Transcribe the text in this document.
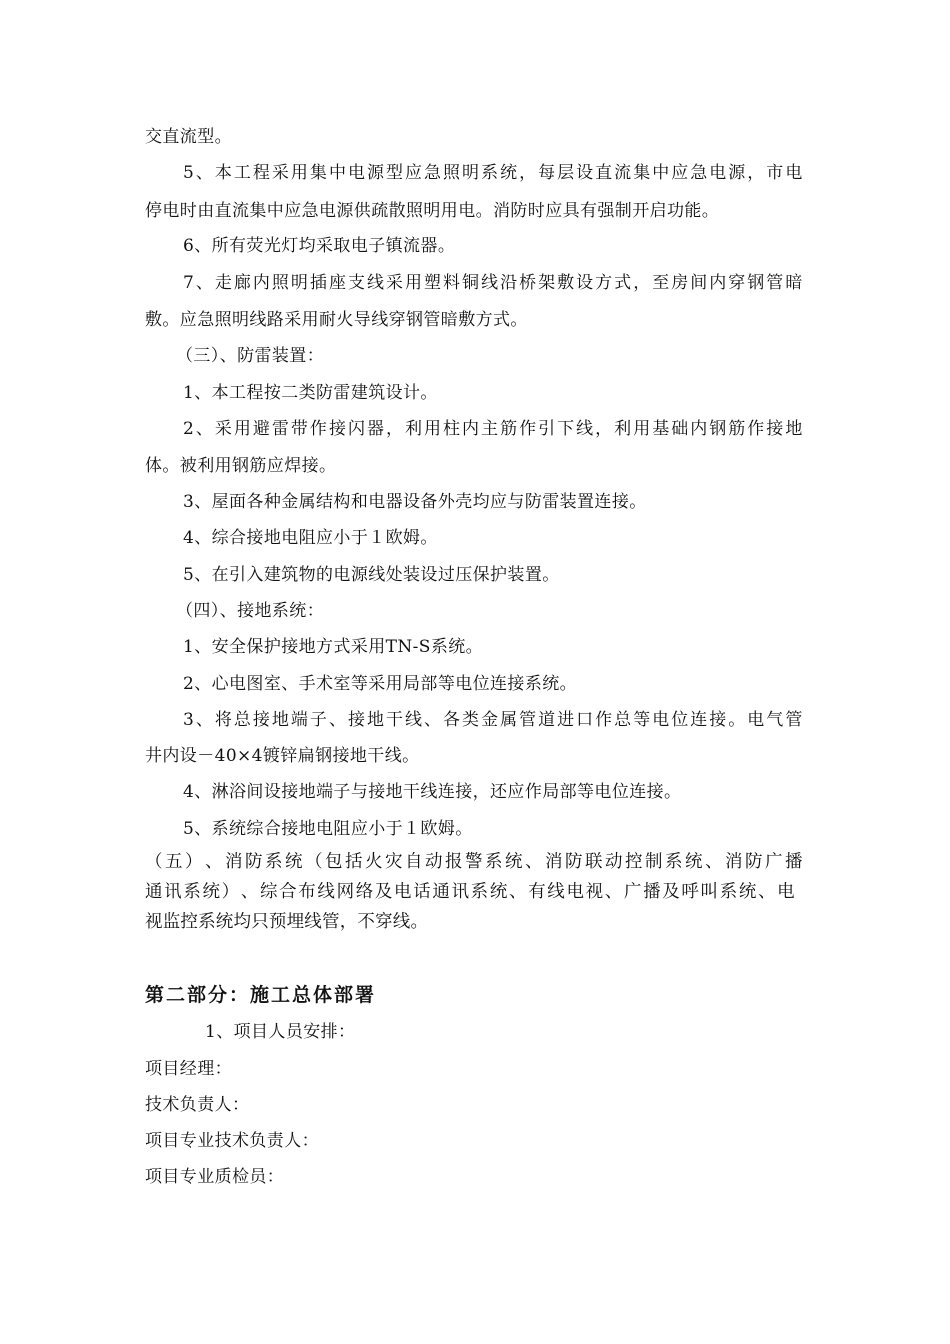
交直流型。
5 、 本 工 程 采 用 集 中 电 源 型 应 急 照 明 系 统 ， 每 层 设 直 流 集 中 应 急 电 源 ， 市 电
停电时由直流集中应急电源供疏散照明用电。消防时应具有强制开启功能。
6、所有荧光灯均采取电子镇流器。
7 、 走 廊 内 照 明 插 座 支 线 采 用 塑 料 铜 线 沿 桥 架 敷 设 方 式 ， 至 房 间 内 穿 钢 管 暗
敷。应急照明线路采用耐火导线穿钢管暗敷方式。
（三）、防雷装置：
1、本工程按二类防雷建筑设计。
2 、 采 用 避 雷 带 作 接 闪 器 ， 利 用 柱 内 主 筋 作 引 下 线 ， 利 用 基 础 内 钢 筋 作 接 地
体。被利用钢筋应焊接。
3、屋面各种金属结构和电器设备外壳均应与防雷装置连接。
4、综合接地电阻应小于１欧姆。
5、在引入建筑物的电源线处装设过压保护装置。
（四）、接地系统：
1、安全保护接地方式采用TN-S系统。
2、心电图室、手术室等采用局部等电位连接系统。
3 、 将 总 接 地 端 子 、 接 地 干 线 、 各 类 金 属 管 道 进 口 作 总 等 电 位 连 接 。 电 气 管
井内设－40×4镀锌扁钢接地干线。
4、淋浴间设接地端子与接地干线连接，还应作局部等电位连接。
5、系统综合接地电阻应小于１欧姆。
（ 五 ） 、 消 防 系 统 （ 包 括 火 灾 自 动 报 警 系 统 、 消 防 联 动 控 制 系 统 、 消 防 广 播
通 讯 系 统 ） 、 综 合 布 线 网 络 及 电 话 通 讯 系 统 、 有 线 电 视 、 广 播 及 呼 叫 系 统 、 电
视监控系统均只预埋线管，不穿线。
第二部分：施工总体部署
1、项目人员安排：
项目经理：
技术负责人：
项目专业技术负责人：
项目专业质检员：
